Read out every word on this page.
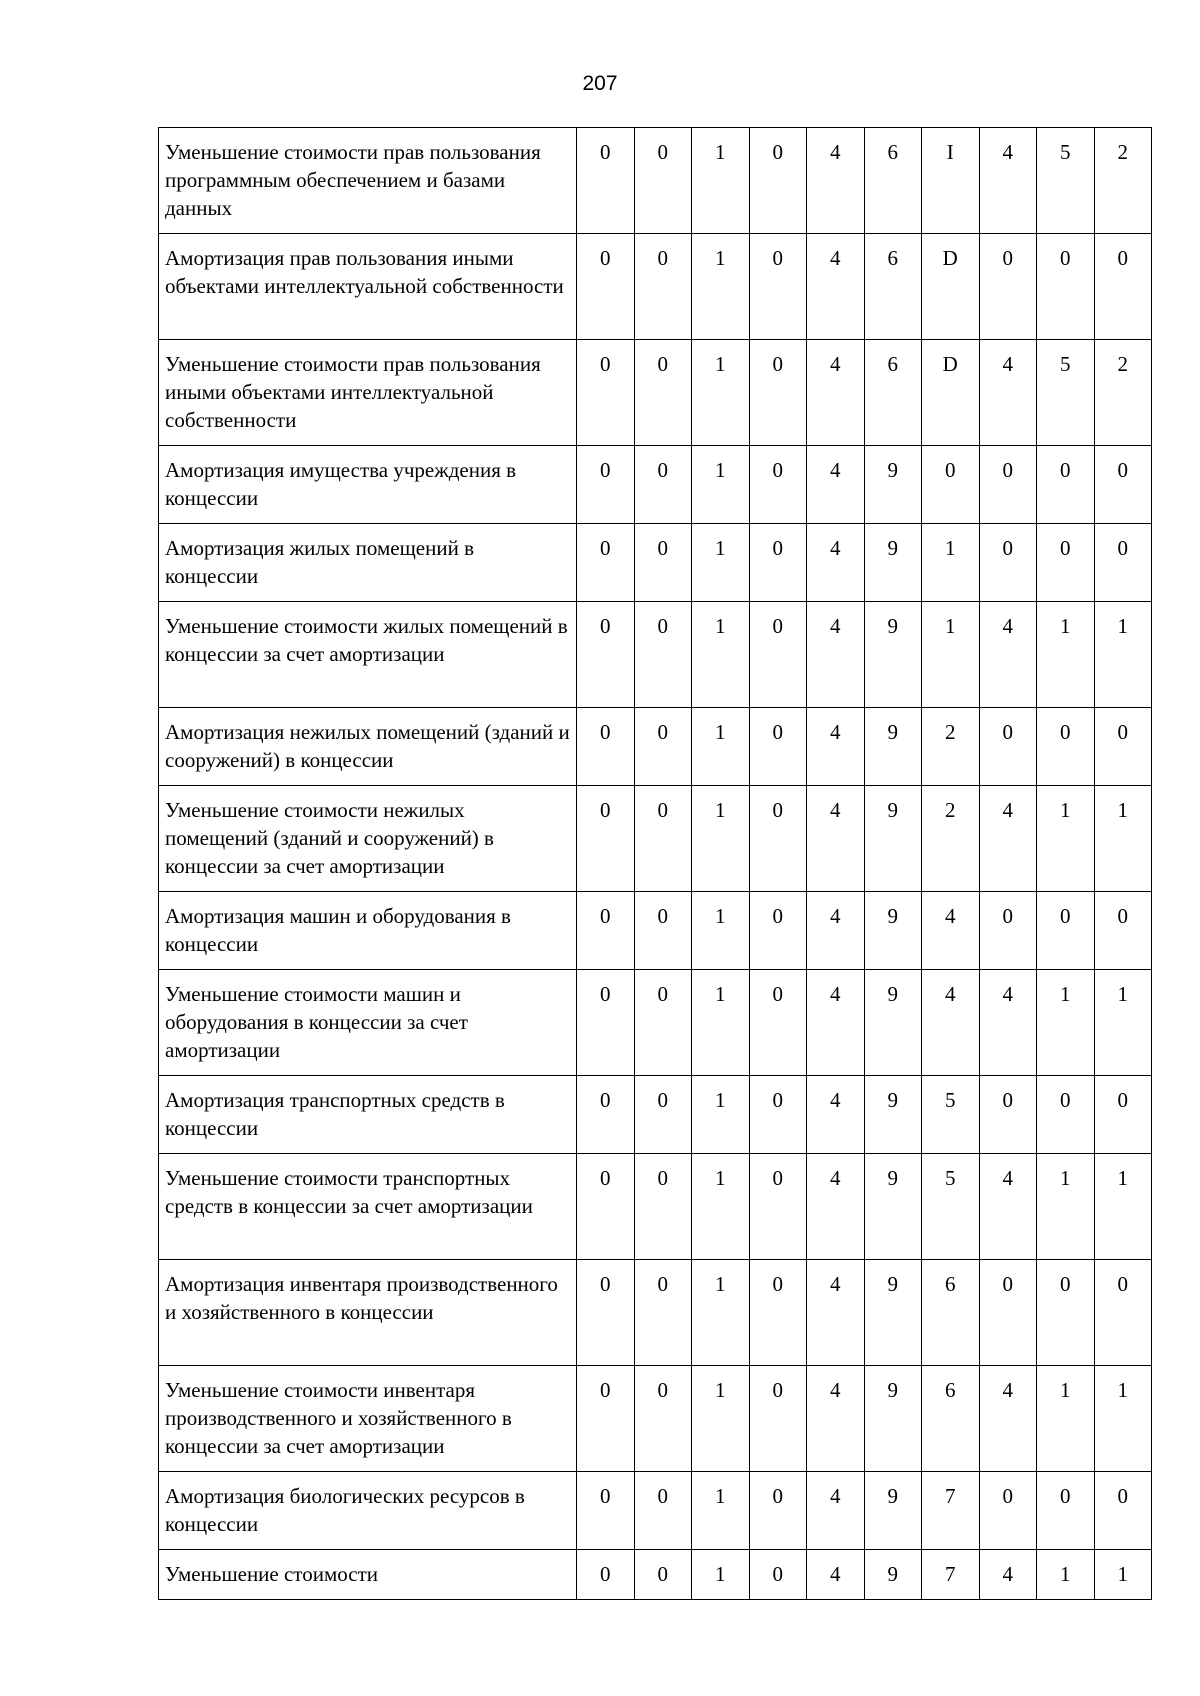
207
Уменьшение стоимости прав пользования программным обеспечением и базами данных	0	0	1	0	4	6	I	4	5	2
Амортизация прав пользования иными объектами интеллектуальной собственности	0	0	1	0	4	6	D	0	0	0
Уменьшение стоимости прав пользования иными объектами интеллектуальной собственности	0	0	1	0	4	6	D	4	5	2
Амортизация имущества учреждения в концессии	0	0	1	0	4	9	0	0	0	0
Амортизация жилых помещений в концессии	0	0	1	0	4	9	1	0	0	0
Уменьшение стоимости жилых помещений в концессии за счет амортизации	0	0	1	0	4	9	1	4	1	1
Амортизация нежилых помещений (зданий и сооружений) в концессии	0	0	1	0	4	9	2	0	0	0
Уменьшение стоимости нежилых помещений (зданий и сооружений) в концессии за счет амортизации	0	0	1	0	4	9	2	4	1	1
Амортизация машин и оборудования в концессии	0	0	1	0	4	9	4	0	0	0
Уменьшение стоимости машин и оборудования в концессии за счет амортизации	0	0	1	0	4	9	4	4	1	1
Амортизация транспортных средств в концессии	0	0	1	0	4	9	5	0	0	0
Уменьшение стоимости транспортных средств в концессии за счет амортизации	0	0	1	0	4	9	5	4	1	1
Амортизация инвентаря производственного и хозяйственного в концессии	0	0	1	0	4	9	6	0	0	0
Уменьшение стоимости инвентаря производственного и хозяйственного в концессии за счет амортизации	0	0	1	0	4	9	6	4	1	1
Амортизация биологических ресурсов в концессии	0	0	1	0	4	9	7	0	0	0
Уменьшение стоимости	0	0	1	0	4	9	7	4	1	1
